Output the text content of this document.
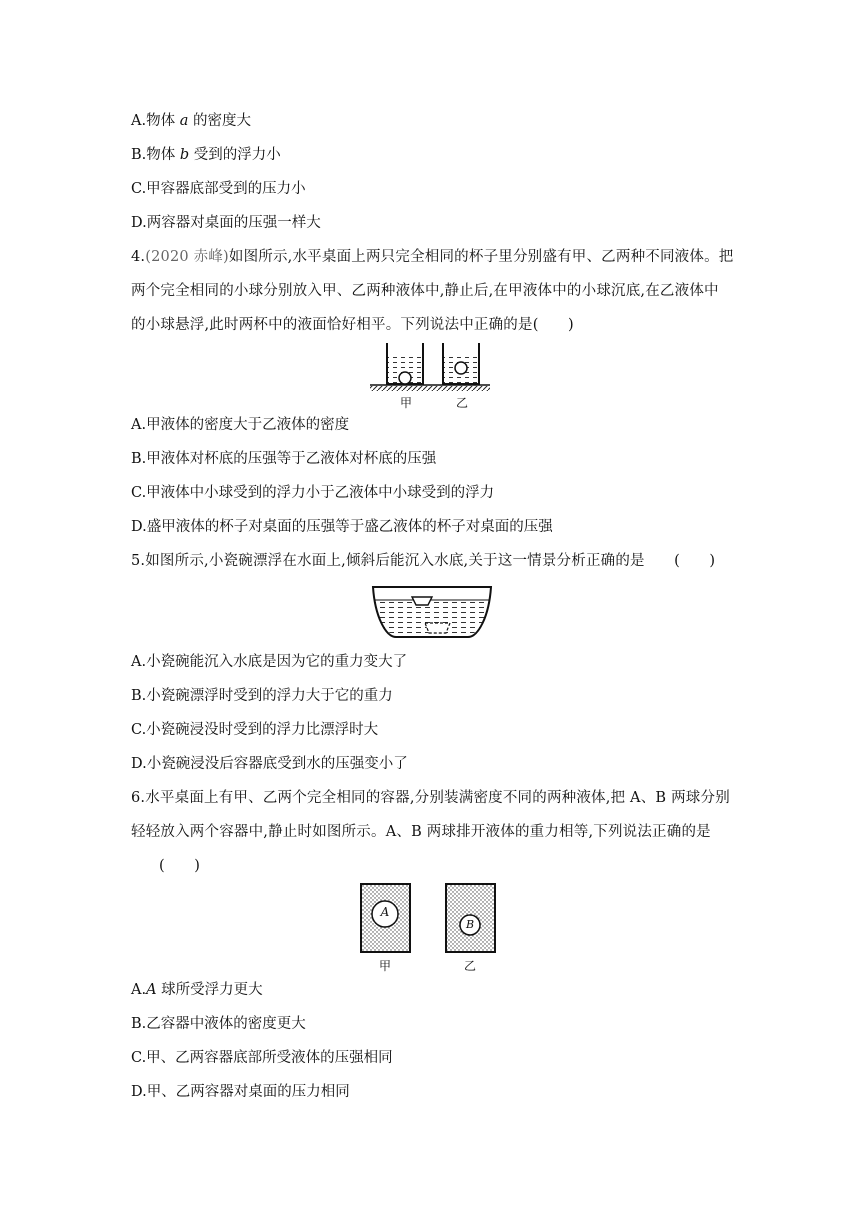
A.物体 a 的密度大
B.物体 b 受到的浮力小
C.甲容器底部受到的压力小
D.两容器对桌面的压强一样大
4.(2020 赤峰)如图所示,水平桌面上两只完全相同的杯子里分别盛有甲、乙两种不同液体。把
两个完全相同的小球分别放入甲、乙两种液体中,静止后,在甲液体中的小球沉底,在乙液体中
的小球悬浮,此时两杯中的液面恰好相平。下列说法中正确的是(　　)
甲	乙
A.甲液体的密度大于乙液体的密度
B.甲液体对杯底的压强等于乙液体对杯底的压强
C.甲液体中小球受到的浮力小于乙液体中小球受到的浮力
D.盛甲液体的杯子对桌面的压强等于盛乙液体的杯子对桌面的压强
5.如图所示,小瓷碗漂浮在水面上,倾斜后能沉入水底,关于这一情景分析正确的是　　(　　)
A.小瓷碗能沉入水底是因为它的重力变大了
B.小瓷碗漂浮时受到的浮力大于它的重力
C.小瓷碗浸没时受到的浮力比漂浮时大
D.小瓷碗浸没后容器底受到水的压强变小了
6.水平桌面上有甲、乙两个完全相同的容器,分别装满密度不同的两种液体,把 A、B 两球分别
轻轻放入两个容器中,静止时如图所示。A、B 两球排开液体的重力相等,下列说法正确的是
(　　)
A
B
甲	乙
A.A 球所受浮力更大
B.乙容器中液体的密度更大
C.甲、乙两容器底部所受液体的压强相同
D.甲、乙两容器对桌面的压力相同
